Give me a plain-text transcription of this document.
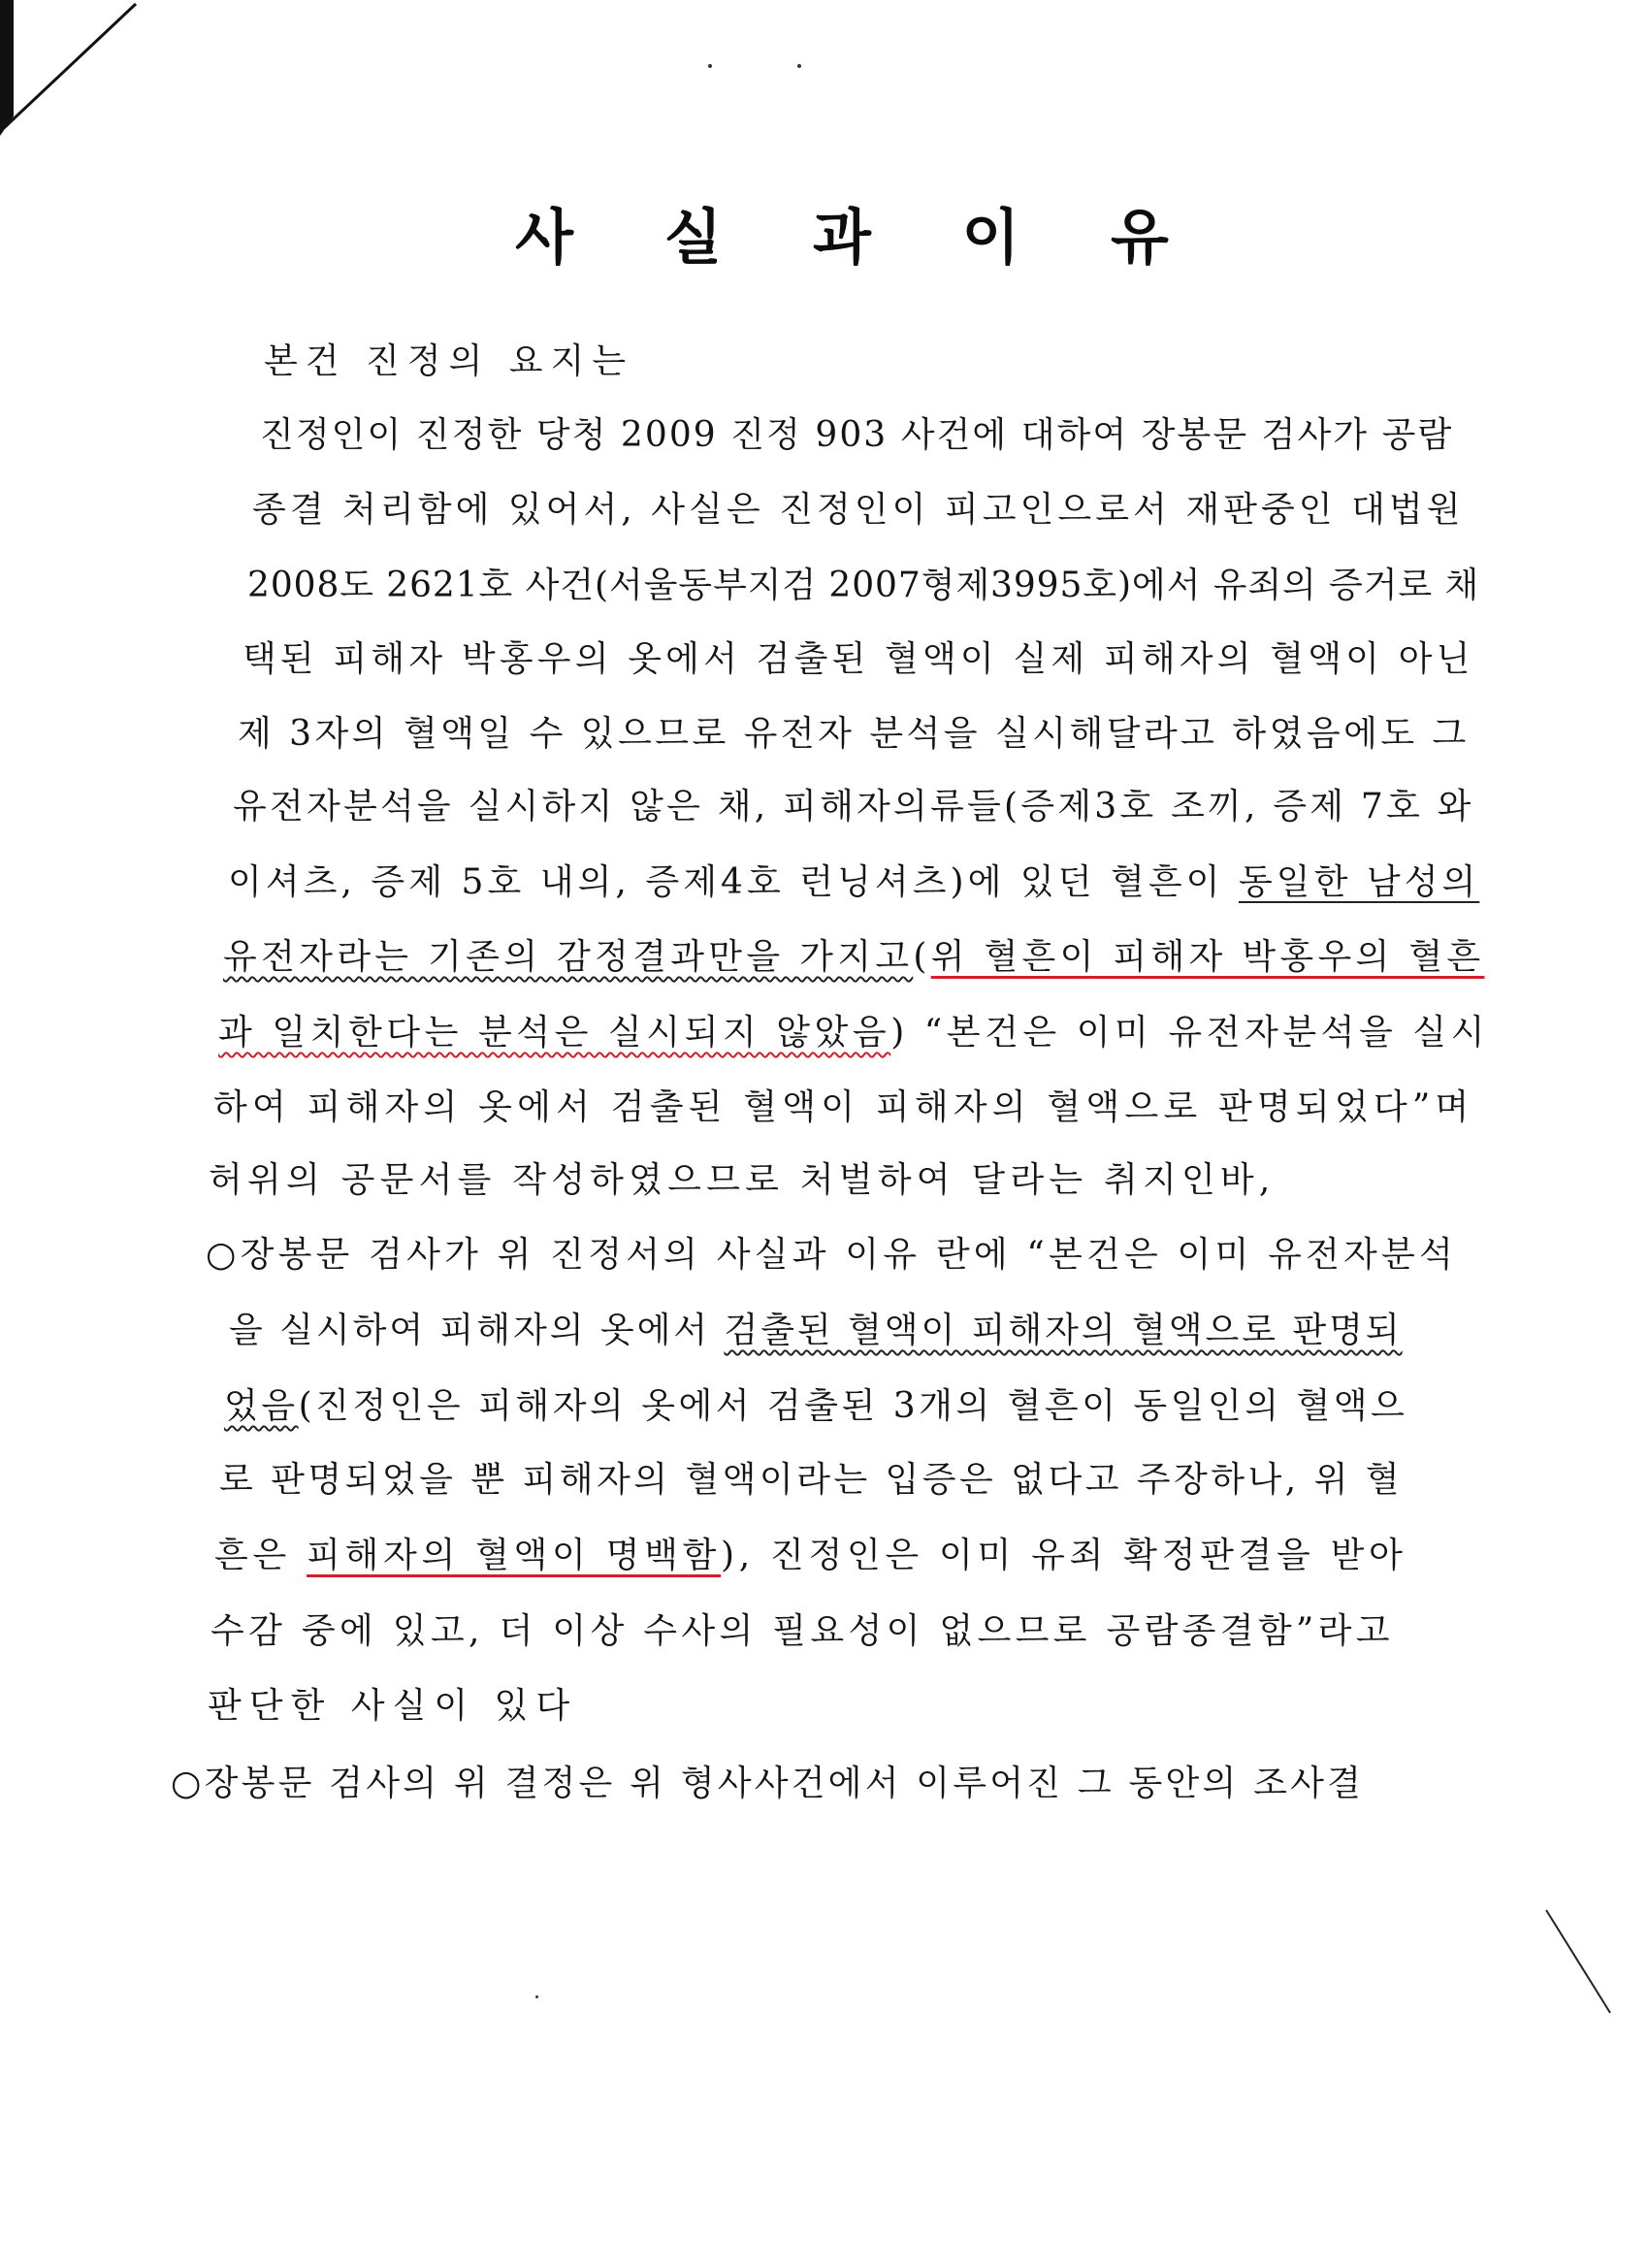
사 실 과 이 유
본건 진정의 요지는
진정인이 진정한 당청 2009 진정 903 사건에 대하여 장봉문 검사가 공람
종결 처리함에 있어서, 사실은 진정인이 피고인으로서 재판중인 대법원
2008도 2621호 사건(서울동부지검 2007형제3995호)에서 유죄의 증거로 채
택된 피해자 박홍우의 옷에서 검출된 혈액이 실제 피해자의 혈액이 아닌
제 3자의 혈액일 수 있으므로 유전자 분석을 실시해달라고 하였음에도 그
유전자분석을 실시하지 않은 채, 피해자의류들(증제3호 조끼, 증제 7호 와
이셔츠, 증제 5호 내의, 증제4호 런닝셔츠)에 있던 혈흔이 동일한 남성의
유전자라는 기존의 감정결과만을 가지고(위 혈흔이 피해자 박홍우의 혈흔
과 일치한다는 분석은 실시되지 않았음) “본건은 이미 유전자분석을 실시
하여 피해자의 옷에서 검출된 혈액이 피해자의 혈액으로 판명되었다”며
허위의 공문서를 작성하였으므로 처벌하여 달라는 취지인바,
○장봉문 검사가 위 진정서의 사실과 이유 란에 “본건은 이미 유전자분석
을 실시하여 피해자의 옷에서 검출된 혈액이 피해자의 혈액으로 판명되
었음(진정인은 피해자의 옷에서 검출된 3개의 혈흔이 동일인의 혈액으
로 판명되었을 뿐 피해자의 혈액이라는 입증은 없다고 주장하나, 위 혈
흔은 피해자의 혈액이 명백함), 진정인은 이미 유죄 확정판결을 받아
수감 중에 있고, 더 이상 수사의 필요성이 없으므로 공람종결함”라고
판단한 사실이 있다
○장봉문 검사의 위 결정은 위 형사사건에서 이루어진 그 동안의 조사결
